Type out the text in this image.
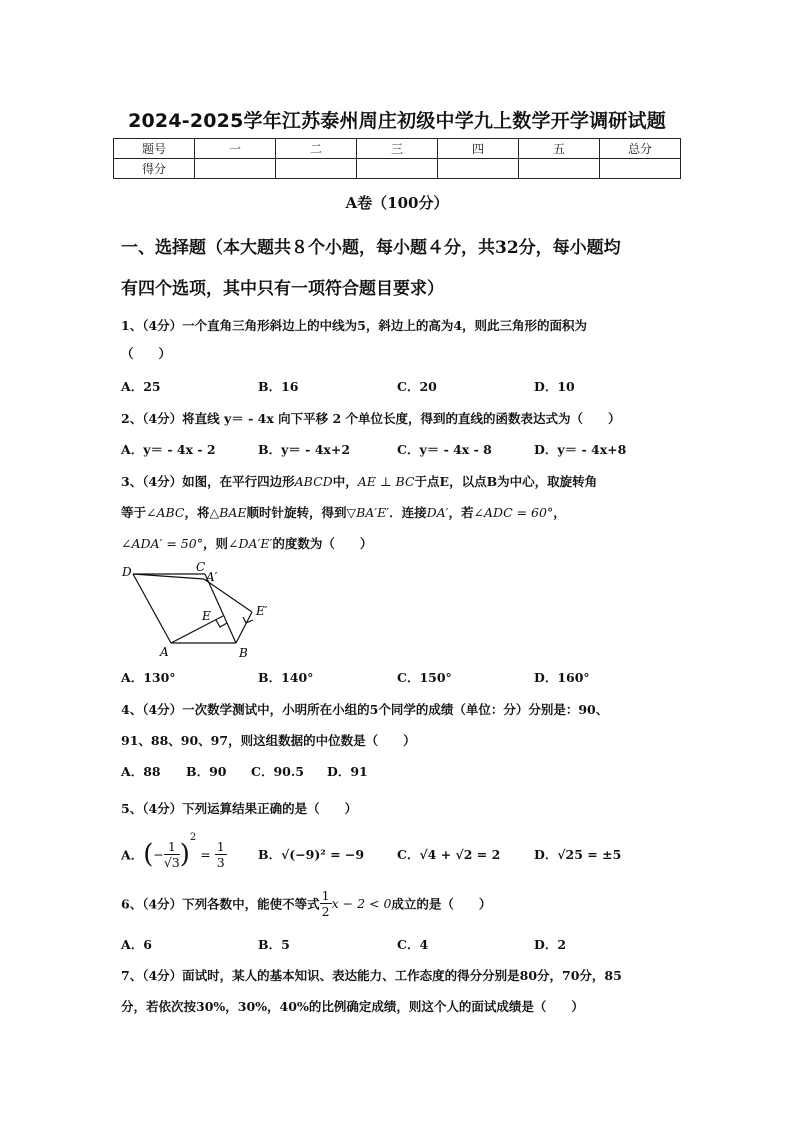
2024-2025学年江苏泰州周庄初级中学九上数学开学调研试题
题号	一	二	三	四	五	总分
得分						
A卷（100分）
一、选择题（本大题共８个小题，每小题４分，共32分，每小题均
有四个选项，其中只有一项符合题目要求）
1、（4分）一个直角三角形斜边上的中线为5，斜边上的高为4，则此三角形的面积为
（　　）
A．25	B．16	C．20	D．10
2、（4分）将直线 y＝ - 4x 向下平移 2 个单位长度，得到的直线的函数表达式为（　　）
A．y＝ - 4x - 2	B．y＝ - 4x+2	C．y＝ - 4x - 8	D．y＝ - 4x+8
3、（4分）如图，在平行四边形ABCD中，AE ⊥ BC于点E，以点B为中心，取旋转角
等于∠ABC，将△BAE顺时针旋转，得到▽BA′E′．连接DA′，若∠ADC = 60°，
∠ADA′ = 50°，则∠DA′E′的度数为（　　）
D	C
A′
E	E′
A	B
A．130°	B．140°	C．150°	D．160°
4、（4分）一次数学测试中，小明所在小组的5个同学的成绩（单位：分）分别是：90、
91、88、90、97，则这组数据的中位数是（　　）
A．88 B．90 C．90.5 D．91
5、（4分）下列运算结果正确的是（　　）
A．(− $\frac{1}{√3} )^2 = \frac{1}{3}$	B．√(−9)² = −9	C．√4 + √2 = 2	D．√25 = ±5
6、（4分）下列各数中，能使不等式 $\frac{1}{2}$ x − 2 < 0成立的是（　　）
A．6	B．5	C．4	D．2
7、（4分）面试时，某人的基本知识、表达能力、工作态度的得分分别是80分，70分，85
分，若依次按30%，30%，40%的比例确定成绩，则这个人的面试成绩是（　　）
